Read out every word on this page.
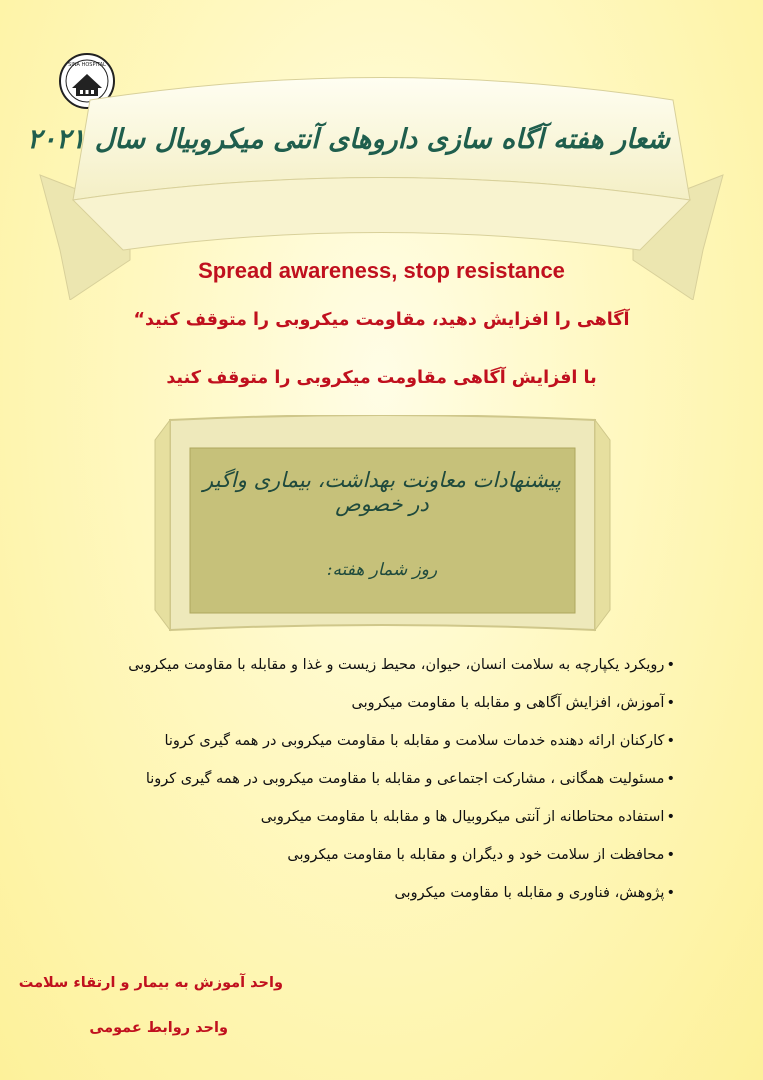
SINA HOSPITAL
شعار هفته آگاه سازی داروهای آنتی میکروبیال سال ۲۰۲۱
Spread awareness, stop resistance
آگاهی را افزایش دهید، مقاومت میکروبی را متوقف کنید“
با افزایش آگاهی مقاومت میکروبی را متوقف کنید
پیشنهادات معاونت بهداشت، بیماری واگیر در خصوص
روز شمار هفته:
•رویکرد یکپارچه به سلامت انسان، حیوان، محیط زیست و غذا و مقابله با مقاومت میکروبی
•آموزش، افزایش آگاهی و مقابله با مقاومت میکروبی
•کارکنان ارائه دهنده خدمات سلامت و مقابله با مقاومت میکروبی در همه گیری کرونا
•مسئولیت همگانی ، مشارکت اجتماعی و مقابله با مقاومت میکروبی در همه گیری کرونا
•استفاده محتاطانه از آنتی میکروبیال ها و مقابله با مقاومت میکروبی
•محافظت از سلامت خود و دیگران و مقابله با مقاومت میکروبی
•پژوهش، فناوری و مقابله با مقاومت میکروبی
واحد آموزش به بیمار و ارتقاء سلامت
واحد روابط عمومی
